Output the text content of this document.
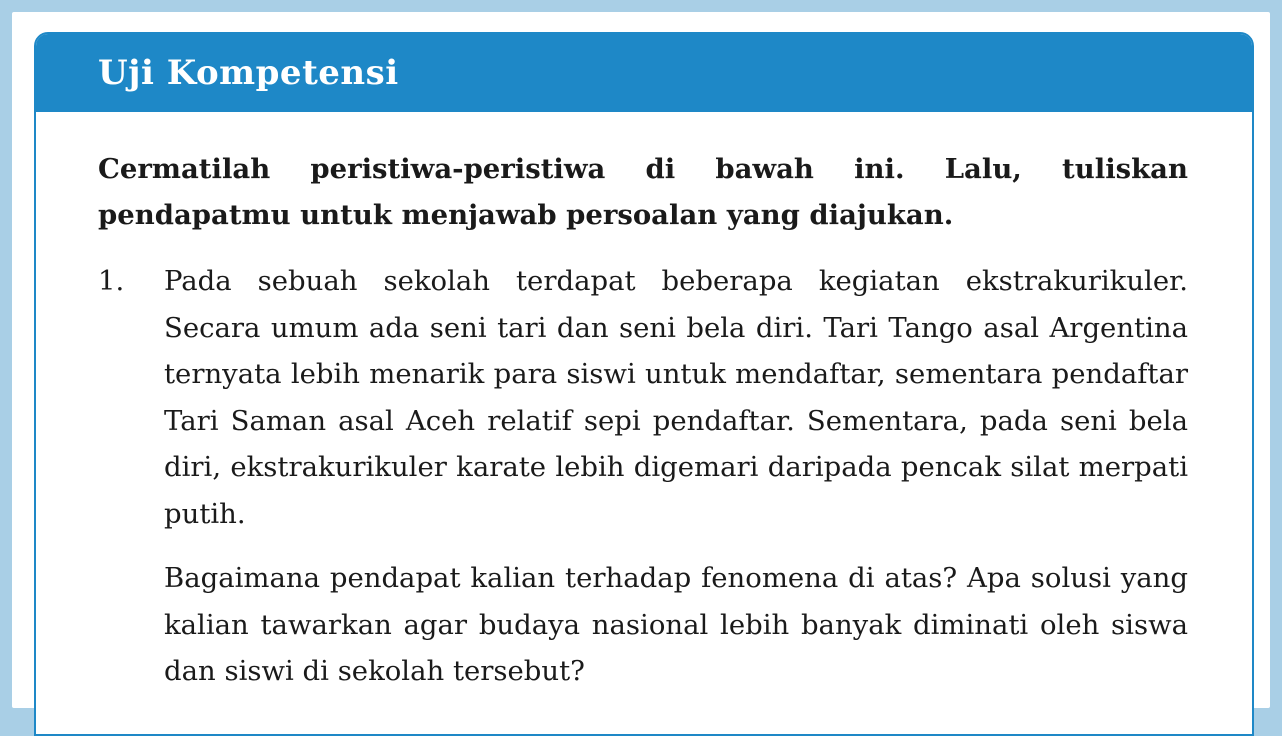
Uji Kompetensi
Cermatilah peristiwa-peristiwa di bawah ini. Lalu, tuliskan pendapatmu untuk menjawab persoalan yang diajukan.
1.	Pada sebuah sekolah terdapat beberapa kegiatan ekstrakurikuler. Secara umum ada seni tari dan seni bela diri. Tari Tango asal Argentina ternyata lebih menarik para siswi untuk mendaftar, sementara pendaftar Tari Saman asal Aceh relatif sepi pendaftar. Sementara, pada seni bela diri, ekstrakurikuler karate lebih digemari daripada pencak silat merpati putih.

Bagaimana pendapat kalian terhadap fenomena di atas? Apa solusi yang kalian tawarkan agar budaya nasional lebih banyak diminati oleh siswa dan siswi di sekolah tersebut?
